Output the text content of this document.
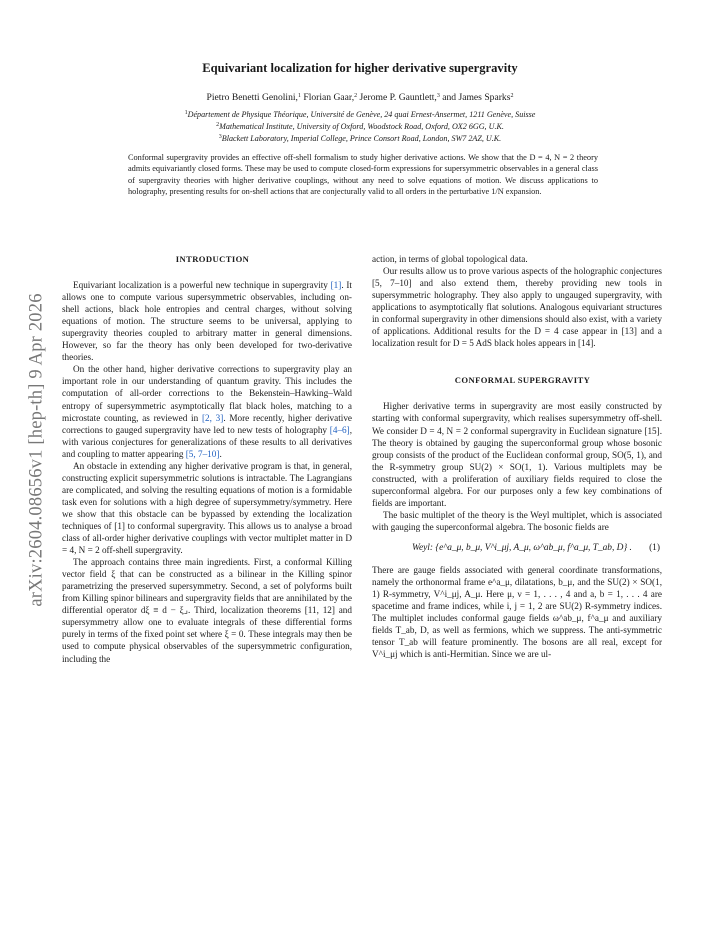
arXiv:2604.08656v1 [hep-th] 9 Apr 2026
Equivariant localization for higher derivative supergravity
Pietro Benetti Genolini,$^1$ Florian Gaar,$^2$ Jerome P. Gauntlett,$^3$ and James Sparks$^2$
$^1$Département de Physique Théorique, Université de Genève, 24 quai Ernest-Ansermet, 1211 Genève, Suisse
$^2$Mathematical Institute, University of Oxford, Woodstock Road, Oxford, OX2 6GG, U.K.
$^3$Blackett Laboratory, Imperial College, Prince Consort Road, London, SW7 2AZ, U.K.
Conformal supergravity provides an effective off-shell formalism to study higher derivative actions. We show that the D = 4, N = 2 theory admits equivariantly closed forms. These may be used to compute closed-form expressions for supersymmetric observables in a general class of supergravity theories with higher derivative couplings, without any need to solve equations of motion. We discuss applications to holography, presenting results for on-shell actions that are conjecturally valid to all orders in the perturbative 1/N expansion.

INTRODUCTION

Equivariant localization is a powerful new technique in supergravity [1]. It allows one to compute various supersymmetric observables, including on-shell actions, black hole entropies and central charges, without solving equations of motion. The structure seems to be universal, applying to supergravity theories coupled to arbitrary matter in general dimensions. However, so far the theory has only been developed for two-derivative theories.

On the other hand, higher derivative corrections to supergravity play an important role in our understanding of quantum gravity. This includes the computation of all-order corrections to the Bekenstein–Hawking–Wald entropy of supersymmetric asymptotically flat black holes, matching to a microstate counting, as reviewed in [2, 3]. More recently, higher derivative corrections to gauged supergravity have led to new tests of holography [4–6], with various conjectures for generalizations of these results to all derivatives and coupling to matter appearing [5, 7–10].

An obstacle in extending any higher derivative program is that, in general, constructing explicit supersymmetric solutions is intractable. The Lagrangians are complicated, and solving the resulting equations of motion is a formidable task even for solutions with a high degree of supersymmetry/symmetry. Here we show that this obstacle can be bypassed by extending the localization techniques of [1] to conformal supergravity. This allows us to analyse a broad class of all-order higher derivative couplings with vector multiplet matter in D = 4, N = 2 off-shell supergravity.

The approach contains three main ingredients. First, a conformal Killing vector field ξ that can be constructed as a bilinear in the Killing spinor parametrizing the preserved supersymmetry. Second, a set of polyforms built from Killing spinor bilinears and supergravity fields that are annihilated by the differential operator dξ ≡ d − ξ⌟. Third, localization theorems [11, 12] and supersymmetry allow one to evaluate integrals of these differential forms purely in terms of the fixed point set where ξ = 0. These integrals may then be used to compute physical observables of the supersymmetric configuration, including the

action, in terms of global topological data.

Our results allow us to prove various aspects of the holographic conjectures [5, 7–10] and also extend them, thereby providing new tools in supersymmetric holography. They also apply to ungauged supergravity, with applications to asymptotically flat solutions. Analogous equivariant structures in conformal supergravity in other dimensions should also exist, with a variety of applications. Additional results for the D = 4 case appear in [13] and a localization result for D = 5 AdS black holes appears in [14].

CONFORMAL SUPERGRAVITY

Higher derivative terms in supergravity are most easily constructed by starting with conformal supergravity, which realises supersymmetry off-shell. We consider D = 4, N = 2 conformal supergravity in Euclidean signature [15]. The theory is obtained by gauging the superconformal group whose bosonic group consists of the product of the Euclidean conformal group, SO(5, 1), and the R-symmetry group SU(2) × SO(1, 1). Various multiplets may be constructed, with a proliferation of auxiliary fields required to close the superconformal algebra. For our purposes only a few key combinations of fields are important.

The basic multiplet of the theory is the Weyl multiplet, which is associated with gauging the superconformal algebra. The bosonic fields are

Weyl: {e^a_μ, b_μ, V^i_μj, A_μ, ω^ab_μ, f^a_μ, T_ab, D} . (1)

There are gauge fields associated with general coordinate transformations, namely the orthonormal frame e^a_μ, dilatations, b_μ, and the SU(2) × SO(1, 1) R-symmetry, V^i_μj, A_μ. Here μ, ν = 1, . . . , 4 and a, b = 1, . . . 4 are spacetime and frame indices, while i, j = 1, 2 are SU(2) R-symmetry indices. The multiplet includes conformal gauge fields ω^ab_μ, f^a_μ and auxiliary fields T_ab, D, as well as fermions, which we suppress. The anti-symmetric tensor T_ab will feature prominently. The bosons are all real, except for V^i_μj which is anti-Hermitian. Since we are ul-
